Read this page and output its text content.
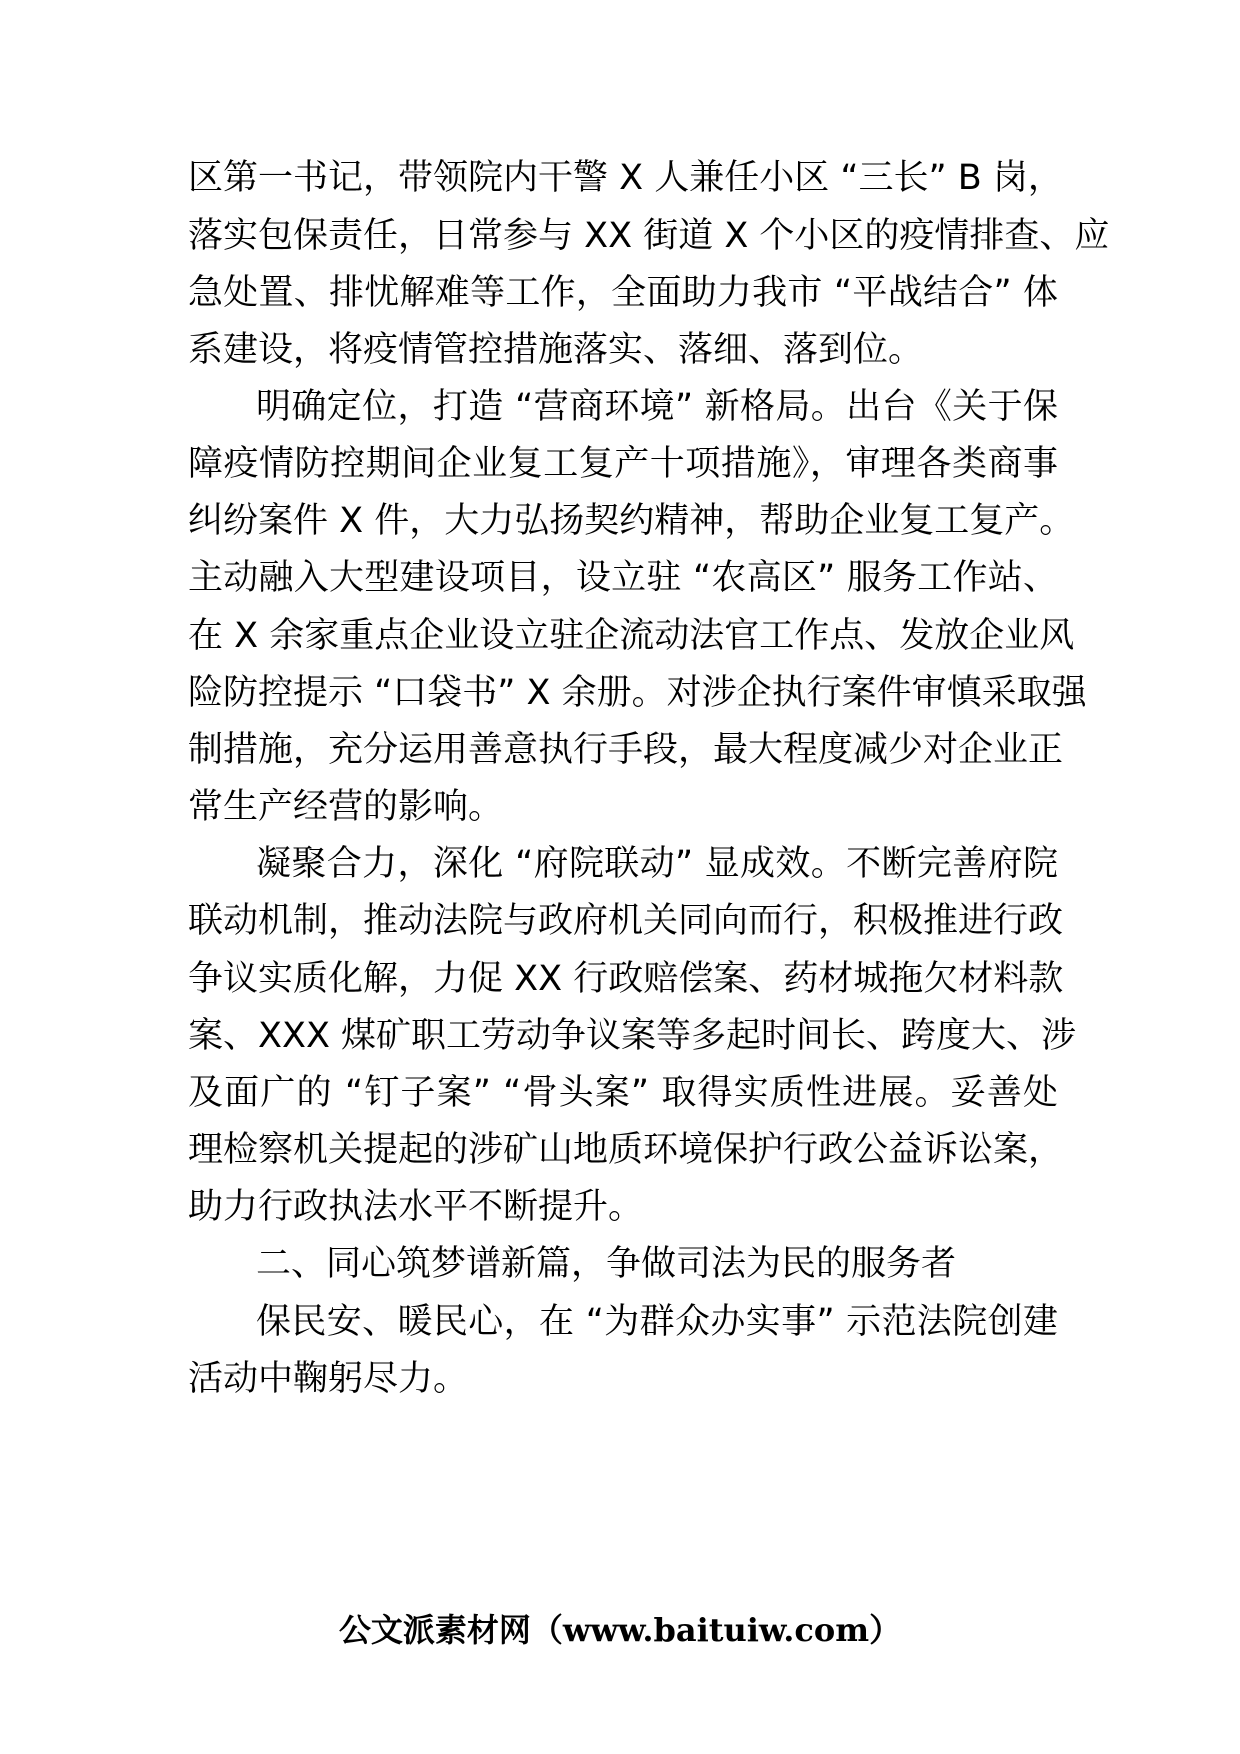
区第一书记，带领院内干警 X 人兼任小区 “三长” B 岗，
落实包保责任，日常参与 XX 街道 X 个小区的疫情排查、应
急处置、排忧解难等工作，全面助力我市 “平战结合” 体
系建设，将疫情管控措施落实、落细、落到位。
明确定位，打造 “营商环境” 新格局。出台《关于保
障疫情防控期间企业复工复产十项措施》，审理各类商事
纠纷案件 X 件，大力弘扬契约精神，帮助企业复工复产。
主动融入大型建设项目，设立驻 “农高区” 服务工作站、
在 X 余家重点企业设立驻企流动法官工作点、发放企业风
险防控提示 “口袋书” X 余册。对涉企执行案件审慎采取强
制措施，充分运用善意执行手段，最大程度减少对企业正
常生产经营的影响。
凝聚合力，深化 “府院联动” 显成效。不断完善府院
联动机制，推动法院与政府机关同向而行，积极推进行政
争议实质化解，力促 XX 行政赔偿案、药材城拖欠材料款
案、XXX 煤矿职工劳动争议案等多起时间长、跨度大、涉
及面广的 “钉子案” “骨头案” 取得实质性进展。妥善处
理检察机关提起的涉矿山地质环境保护行政公益诉讼案，
助力行政执法水平不断提升。
二、同心筑梦谱新篇，争做司法为民的服务者
保民安、暖民心，在 “为群众办实事” 示范法院创建
活动中鞠躬尽力。
公文派素材网（www.baituiw.com）
